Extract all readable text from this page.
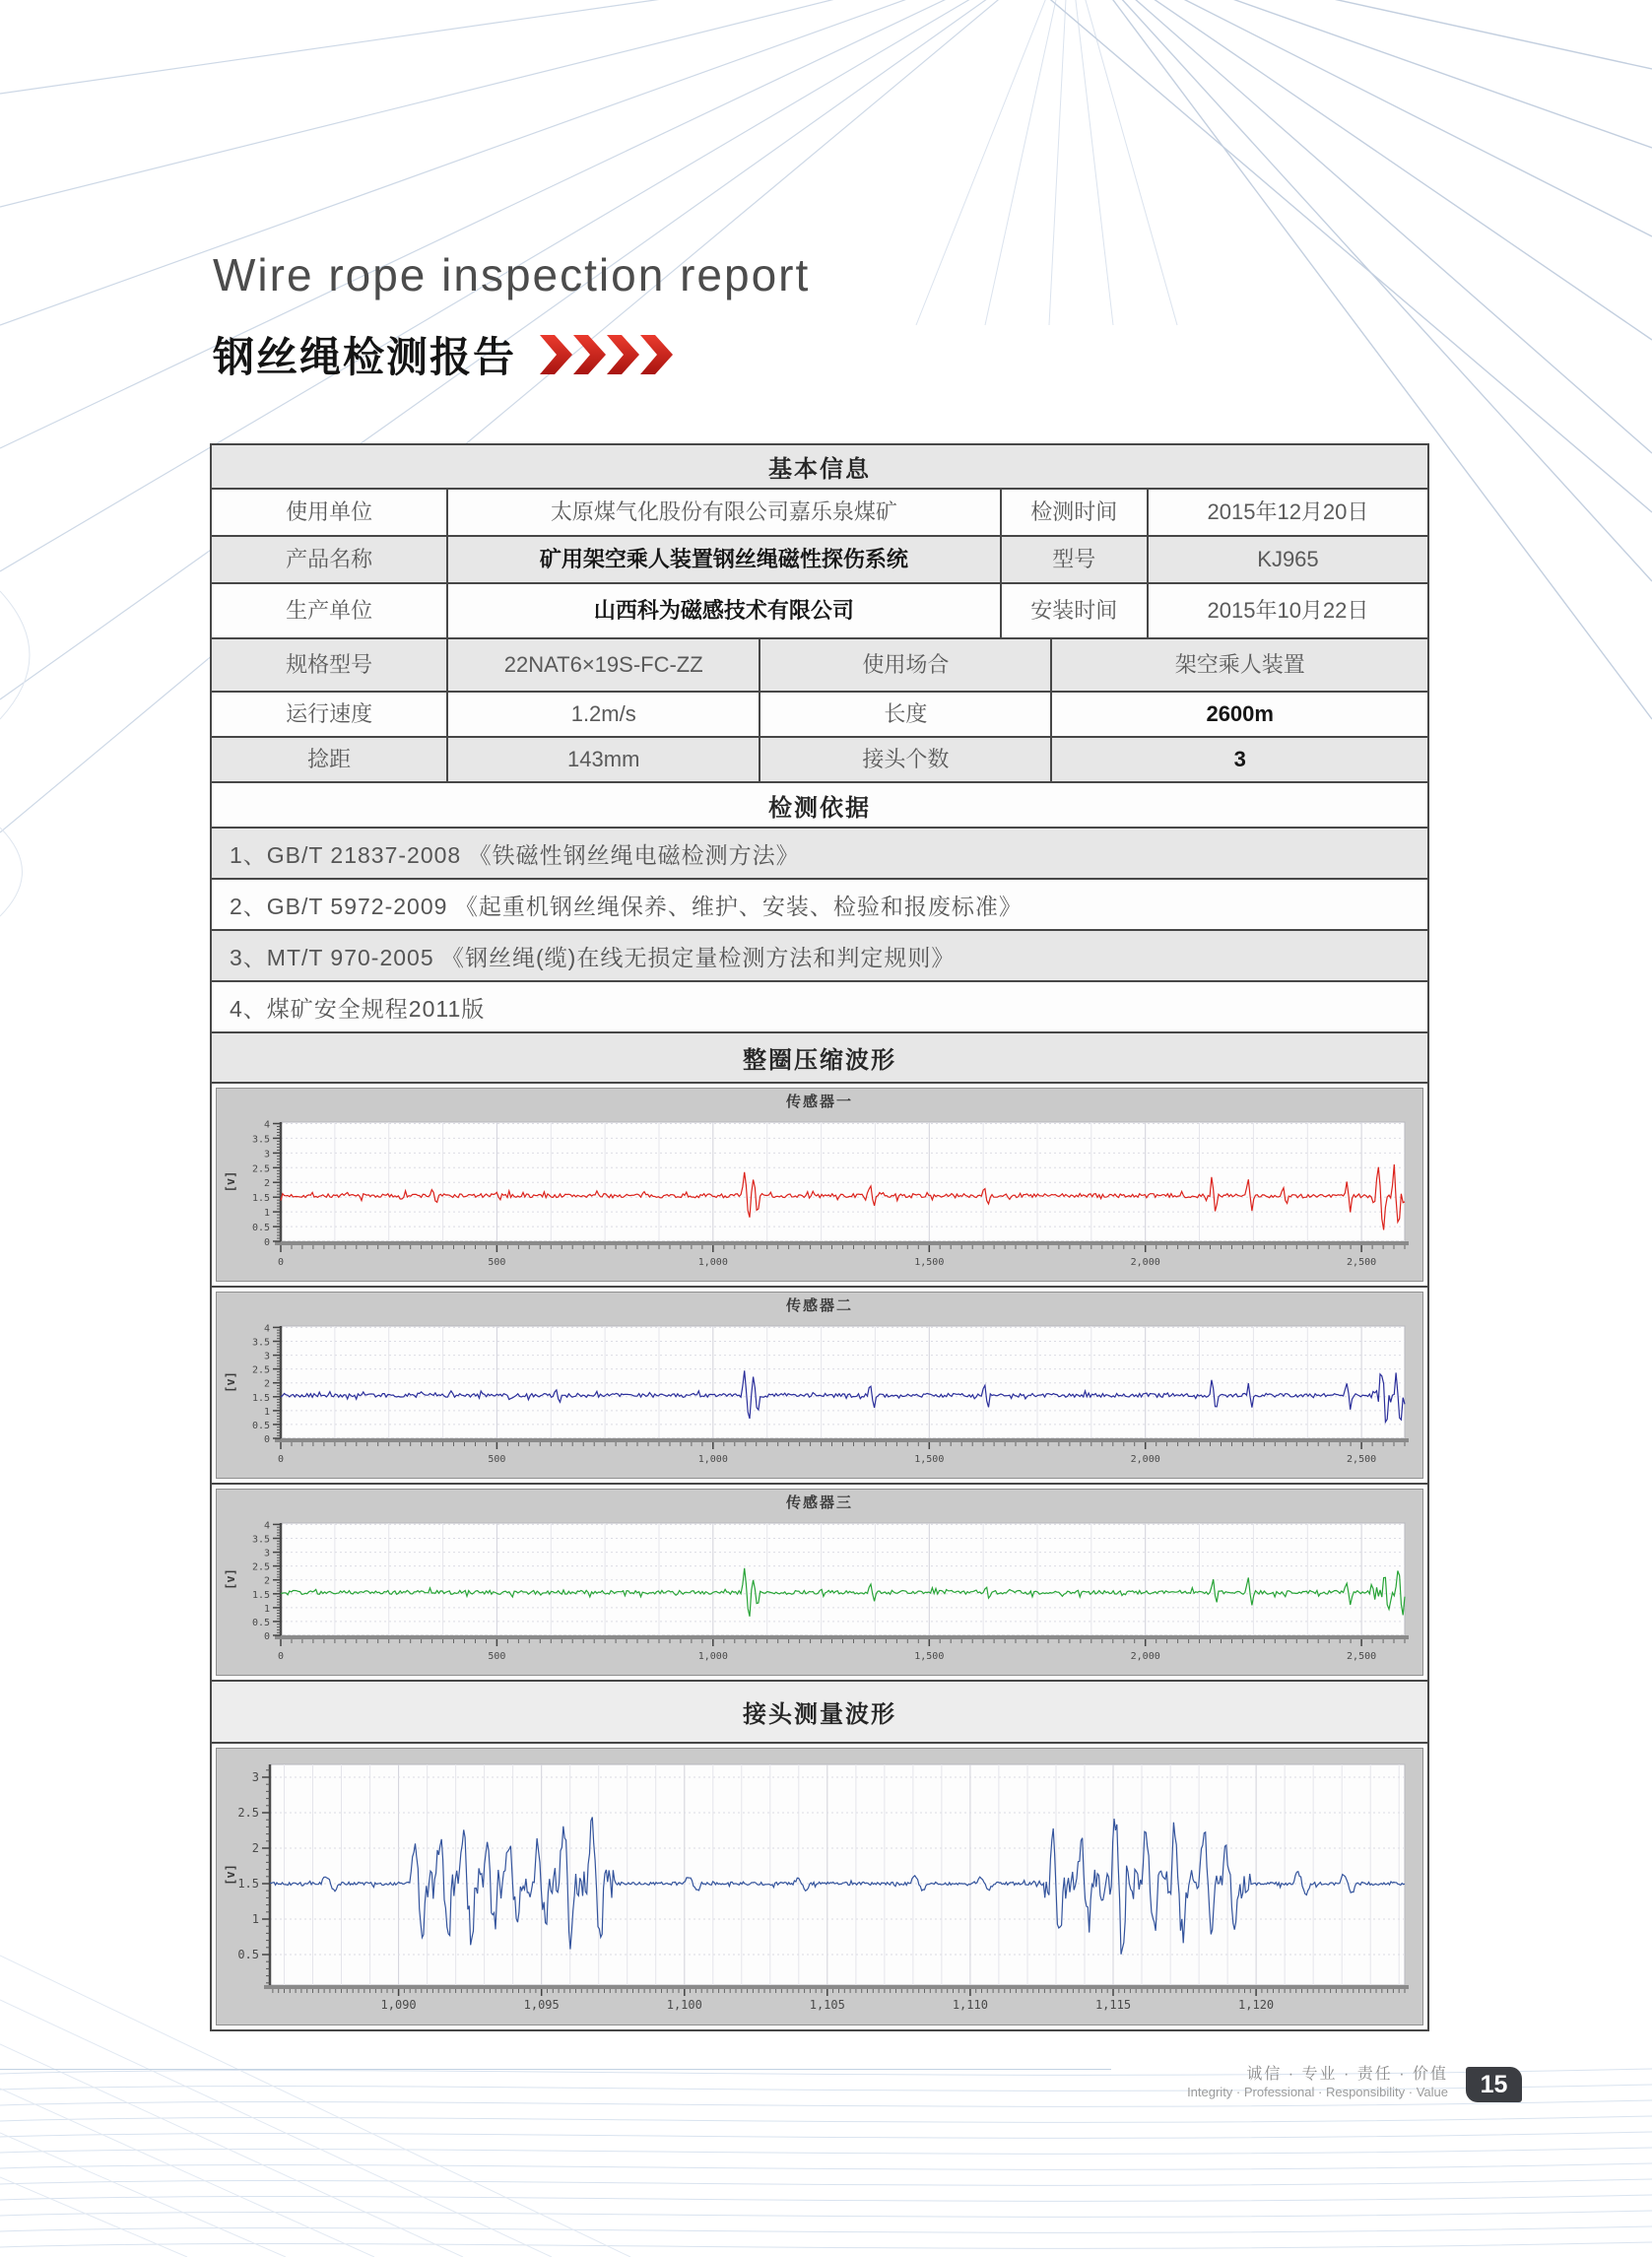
Wire rope inspection report
钢丝绳检测报告
基本信息
使用单位	太原煤气化股份有限公司嘉乐泉煤矿	检测时间	2015年12月20日
产品名称	矿用架空乘人装置钢丝绳磁性探伤系统	型号	KJ965
生产单位	山西科为磁感技术有限公司	安装时间	2015年10月22日
规格型号	22NAT6×19S-FC-ZZ	使用场合	架空乘人装置
运行速度	1.2m/s	长度	2600m
捻距	143mm	接头个数	3
检测依据
1、GB/T 21837-2008 《铁磁性钢丝绳电磁检测方法》
2、GB/T 5972-2009 《起重机钢丝绳保养、维护、安装、检验和报废标准》
3、MT/T 970-2005 《钢丝绳(缆)在线无损定量检测方法和判定规则》
4、煤矿安全规程2011版
整圈压缩波形
传感器一
0
0.5
1
1.5
2
2.5
3
3.5
4
0	500	1,000	1,500	2,000	2,500
[v]
传感器二
0
0.5
1
1.5
2
2.5
3
3.5
4
0	500	1,000	1,500	2,000	2,500
[v]
传感器三
0
0.5
1
1.5
2
2.5
3
3.5
4
0	500	1,000	1,500	2,000	2,500
[v]
接头测量波形
0.5
1
1.5
2
2.5
3
1,090	1,095	1,100	1,105	1,110	1,115	1,120
[v]
诚信 · 专业 · 责任 · 价值
Integrity · Professional · Responsibility · Value	15
